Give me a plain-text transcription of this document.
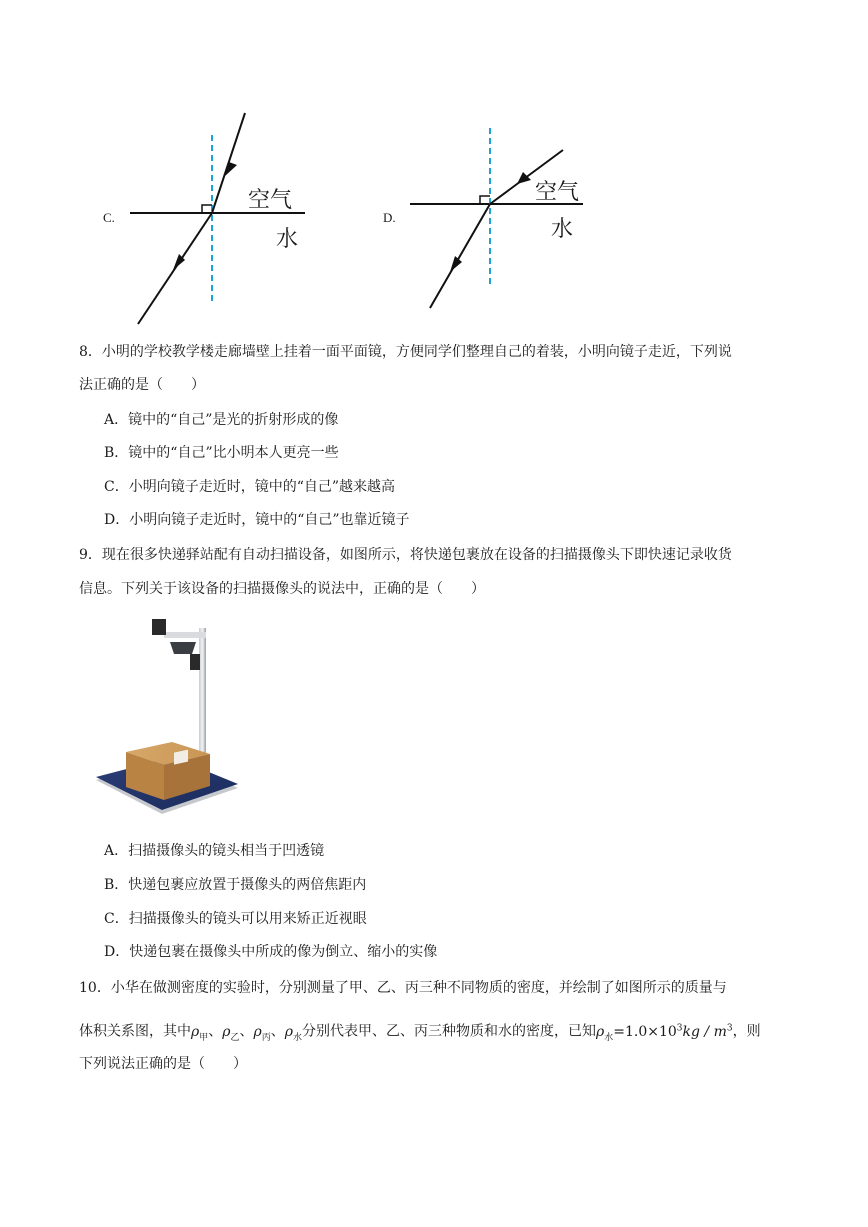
C.
空气
水
D.
空气
水
8．小明的学校教学楼走廊墙壁上挂着一面平面镜，方便同学们整理自己的着装，小明向镜子走近，下列说
法正确的是（　　）
A．镜中的“自己”是光的折射形成的像
B．镜中的“自己”比小明本人更亮一些
C．小明向镜子走近时，镜中的“自己”越来越高
D．小明向镜子走近时，镜中的“自己”也靠近镜子
9．现在很多快递驿站配有自动扫描设备，如图所示，将快递包裹放在设备的扫描摄像头下即快速记录收货
信息。下列关于该设备的扫描摄像头的说法中，正确的是（　　）
A．扫描摄像头的镜头相当于凹透镜
B．快递包裹应放置于摄像头的两倍焦距内
C．扫描摄像头的镜头可以用来矫正近视眼
D．快递包裹在摄像头中所成的像为倒立、缩小的实像
10．小华在做测密度的实验时，分别测量了甲、乙、丙三种不同物质的密度，并绘制了如图所示的质量与
体积关系图，其中$\rho_甲$、$\rho_乙$、$\rho_丙$、$\rho_水$分别代表甲、乙、丙三种物质和水的密度，已知$\rho_水=1.0\times 10^3kg / m^3$，则
下列说法正确的是（　　）
